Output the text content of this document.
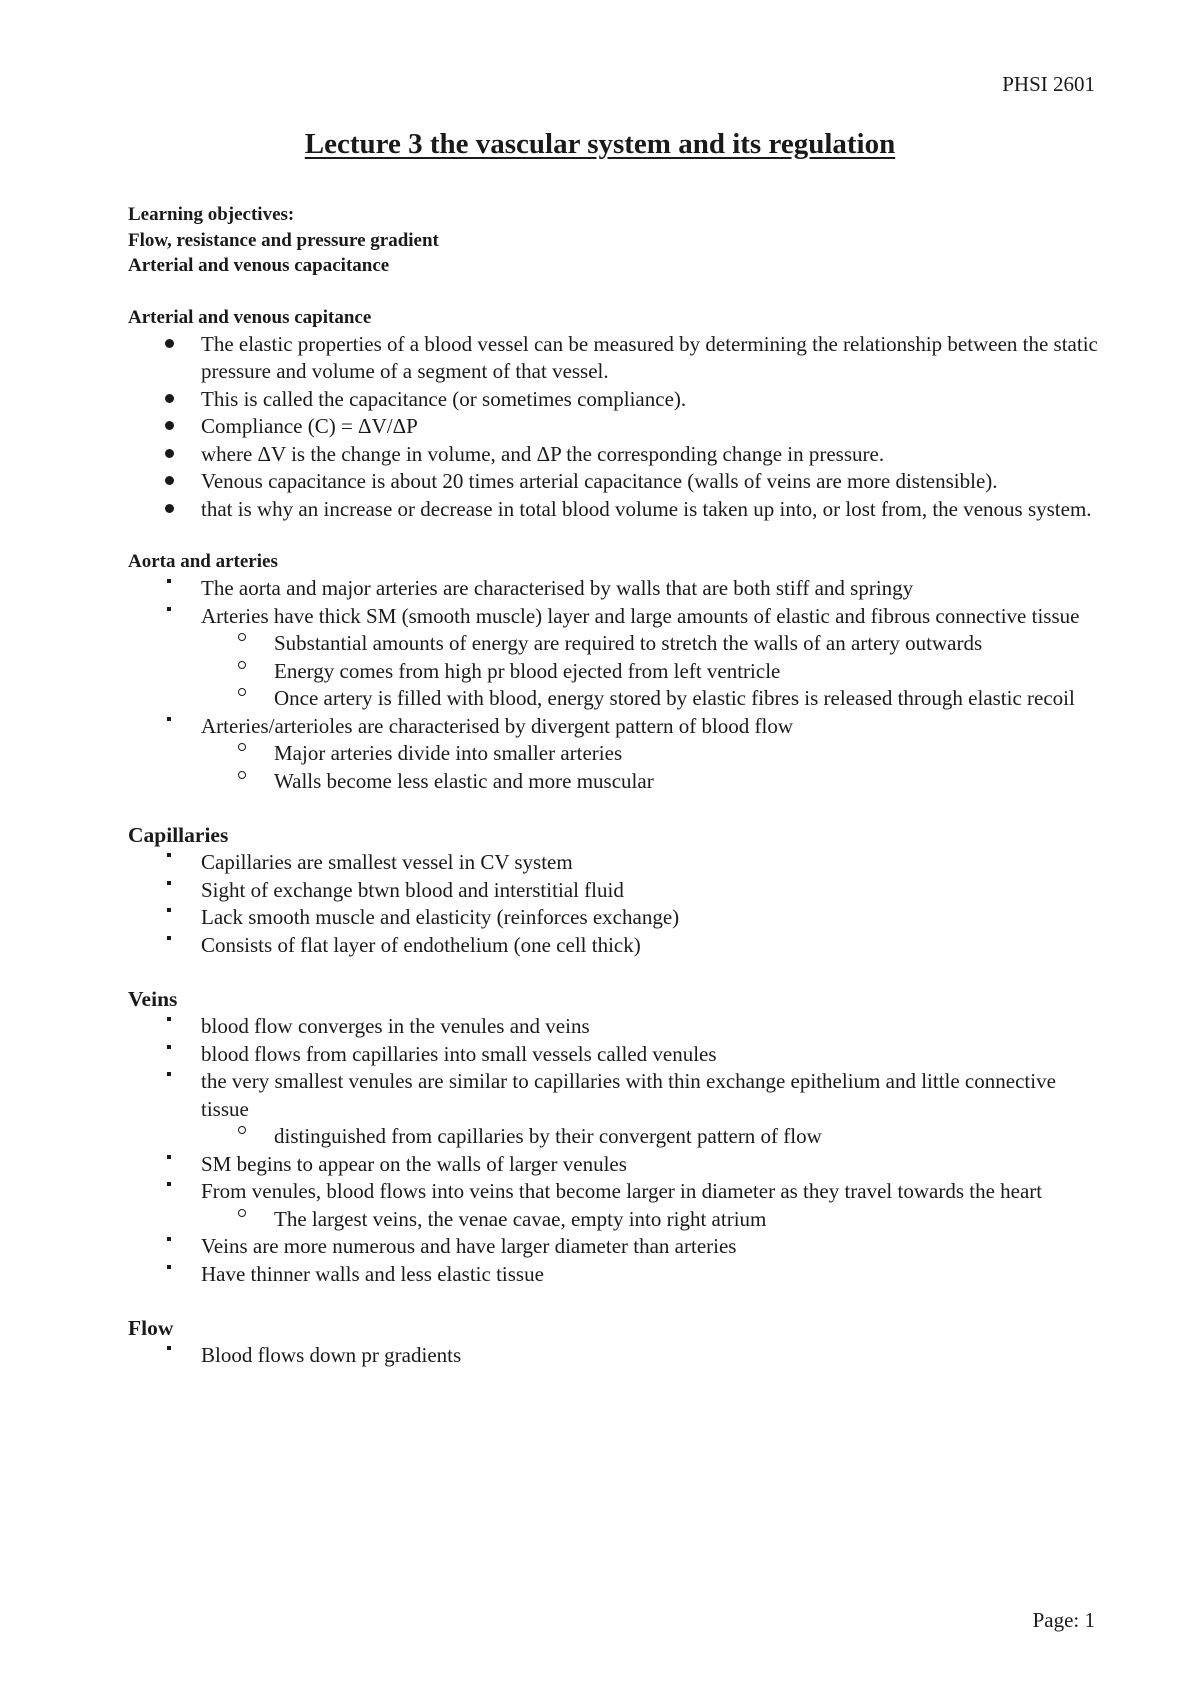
PHSI 2601
Lecture 3 the vascular system and its regulation

Learning objectives:

Flow, resistance and pressure gradient

Arterial and venous capacitance

Arterial and venous capitance
The elastic properties of a blood vessel can be measured by determining the relationship between the static pressure and volume of a segment of that vessel.
This is called the capacitance (or sometimes compliance).
Compliance (C) = ΔV/ΔP
where ΔV is the change in volume, and ΔP the corresponding change in pressure.
Venous capacitance is about 20 times arterial capacitance (walls of veins are more distensible).
that is why an increase or decrease in total blood volume is taken up into, or lost from, the venous system.
Aorta and arteries
The aorta and major arteries are characterised by walls that are both stiff and springy
Arteries have thick SM (smooth muscle) layer and large amounts of elastic and fibrous connective tissue
Substantial amounts of energy are required to stretch the walls of an artery outwards
Energy comes from high pr blood ejected from left ventricle
Once artery is filled with blood, energy stored by elastic fibres is released through elastic recoil
Arteries/arterioles are characterised by divergent pattern of blood flow
Major arteries divide into smaller arteries
Walls become less elastic and more muscular
Capillaries
Capillaries are smallest vessel in CV system
Sight of exchange btwn blood and interstitial fluid
Lack smooth muscle and elasticity (reinforces exchange)
Consists of flat layer of endothelium (one cell thick)
Veins
blood flow converges in the venules and veins
blood flows from capillaries into small vessels called venules
the very smallest venules are similar to capillaries with thin exchange epithelium and little connective tissue
distinguished from capillaries by their convergent pattern of flow
SM begins to appear on the walls of larger venules
From venules, blood flows into veins that become larger in diameter as they travel towards the heart
The largest veins, the venae cavae, empty into right atrium
Veins are more numerous and have larger diameter than arteries
Have thinner walls and less elastic tissue
Flow
Blood flows down pr gradients
Page: 1
